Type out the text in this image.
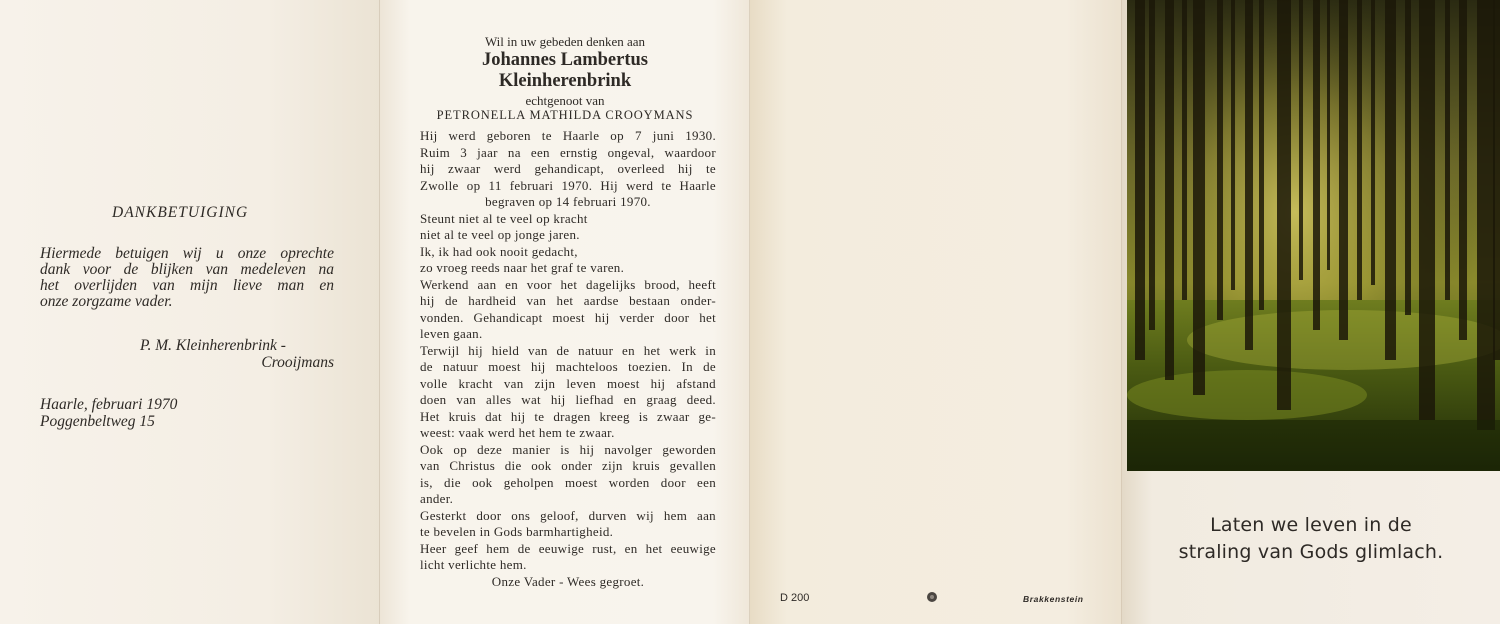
DANKBETUIGING
Hiermede betuigen wij u onze oprechte
dank voor de blijken van medeleven na
het overlijden van mijn lieve man en
onze zorgzame vader.
P. M. Kleinherenbrink -
Crooijmans
Haarle, februari 1970
Poggenbeltweg 15
Wil in uw gebeden denken aan
Johannes Lambertus
Kleinherenbrink
echtgenoot van
PETRONELLA MATHILDA CROOYMANS
Hij werd geboren te Haarle op 7 juni 1930.
Ruim 3 jaar na een ernstig ongeval, waardoor
hij zwaar werd gehandicapt, overleed hij te
Zwolle op 11 februari 1970. Hij werd te Haarle
begraven op 14 februari 1970.
Steunt niet al te veel op kracht
niet al te veel op jonge jaren.
Ik, ik had ook nooit gedacht,
zo vroeg reeds naar het graf te varen.
Werkend aan en voor het dagelijks brood, heeft
hij de hardheid van het aardse bestaan onder-
vonden. Gehandicapt moest hij verder door het
leven gaan.
Terwijl hij hield van de natuur en het werk in
de natuur moest hij machteloos toezien. In de
volle kracht van zijn leven moest hij afstand
doen van alles wat hij liefhad en graag deed.
Het kruis dat hij te dragen kreeg is zwaar ge-
weest: vaak werd het hem te zwaar.
Ook op deze manier is hij navolger geworden
van Christus die ook onder zijn kruis gevallen
is, die ook geholpen moest worden door een
ander.
Gesterkt door ons geloof, durven wij hem aan
te bevelen in Gods barmhartigheid.
Heer geef hem de eeuwige rust, en het eeuwige
licht verlichte hem.
Onze Vader - Wees gegroet.
D 200	Brakkenstein
Laten we leven in de
straling van Gods glimlach.
